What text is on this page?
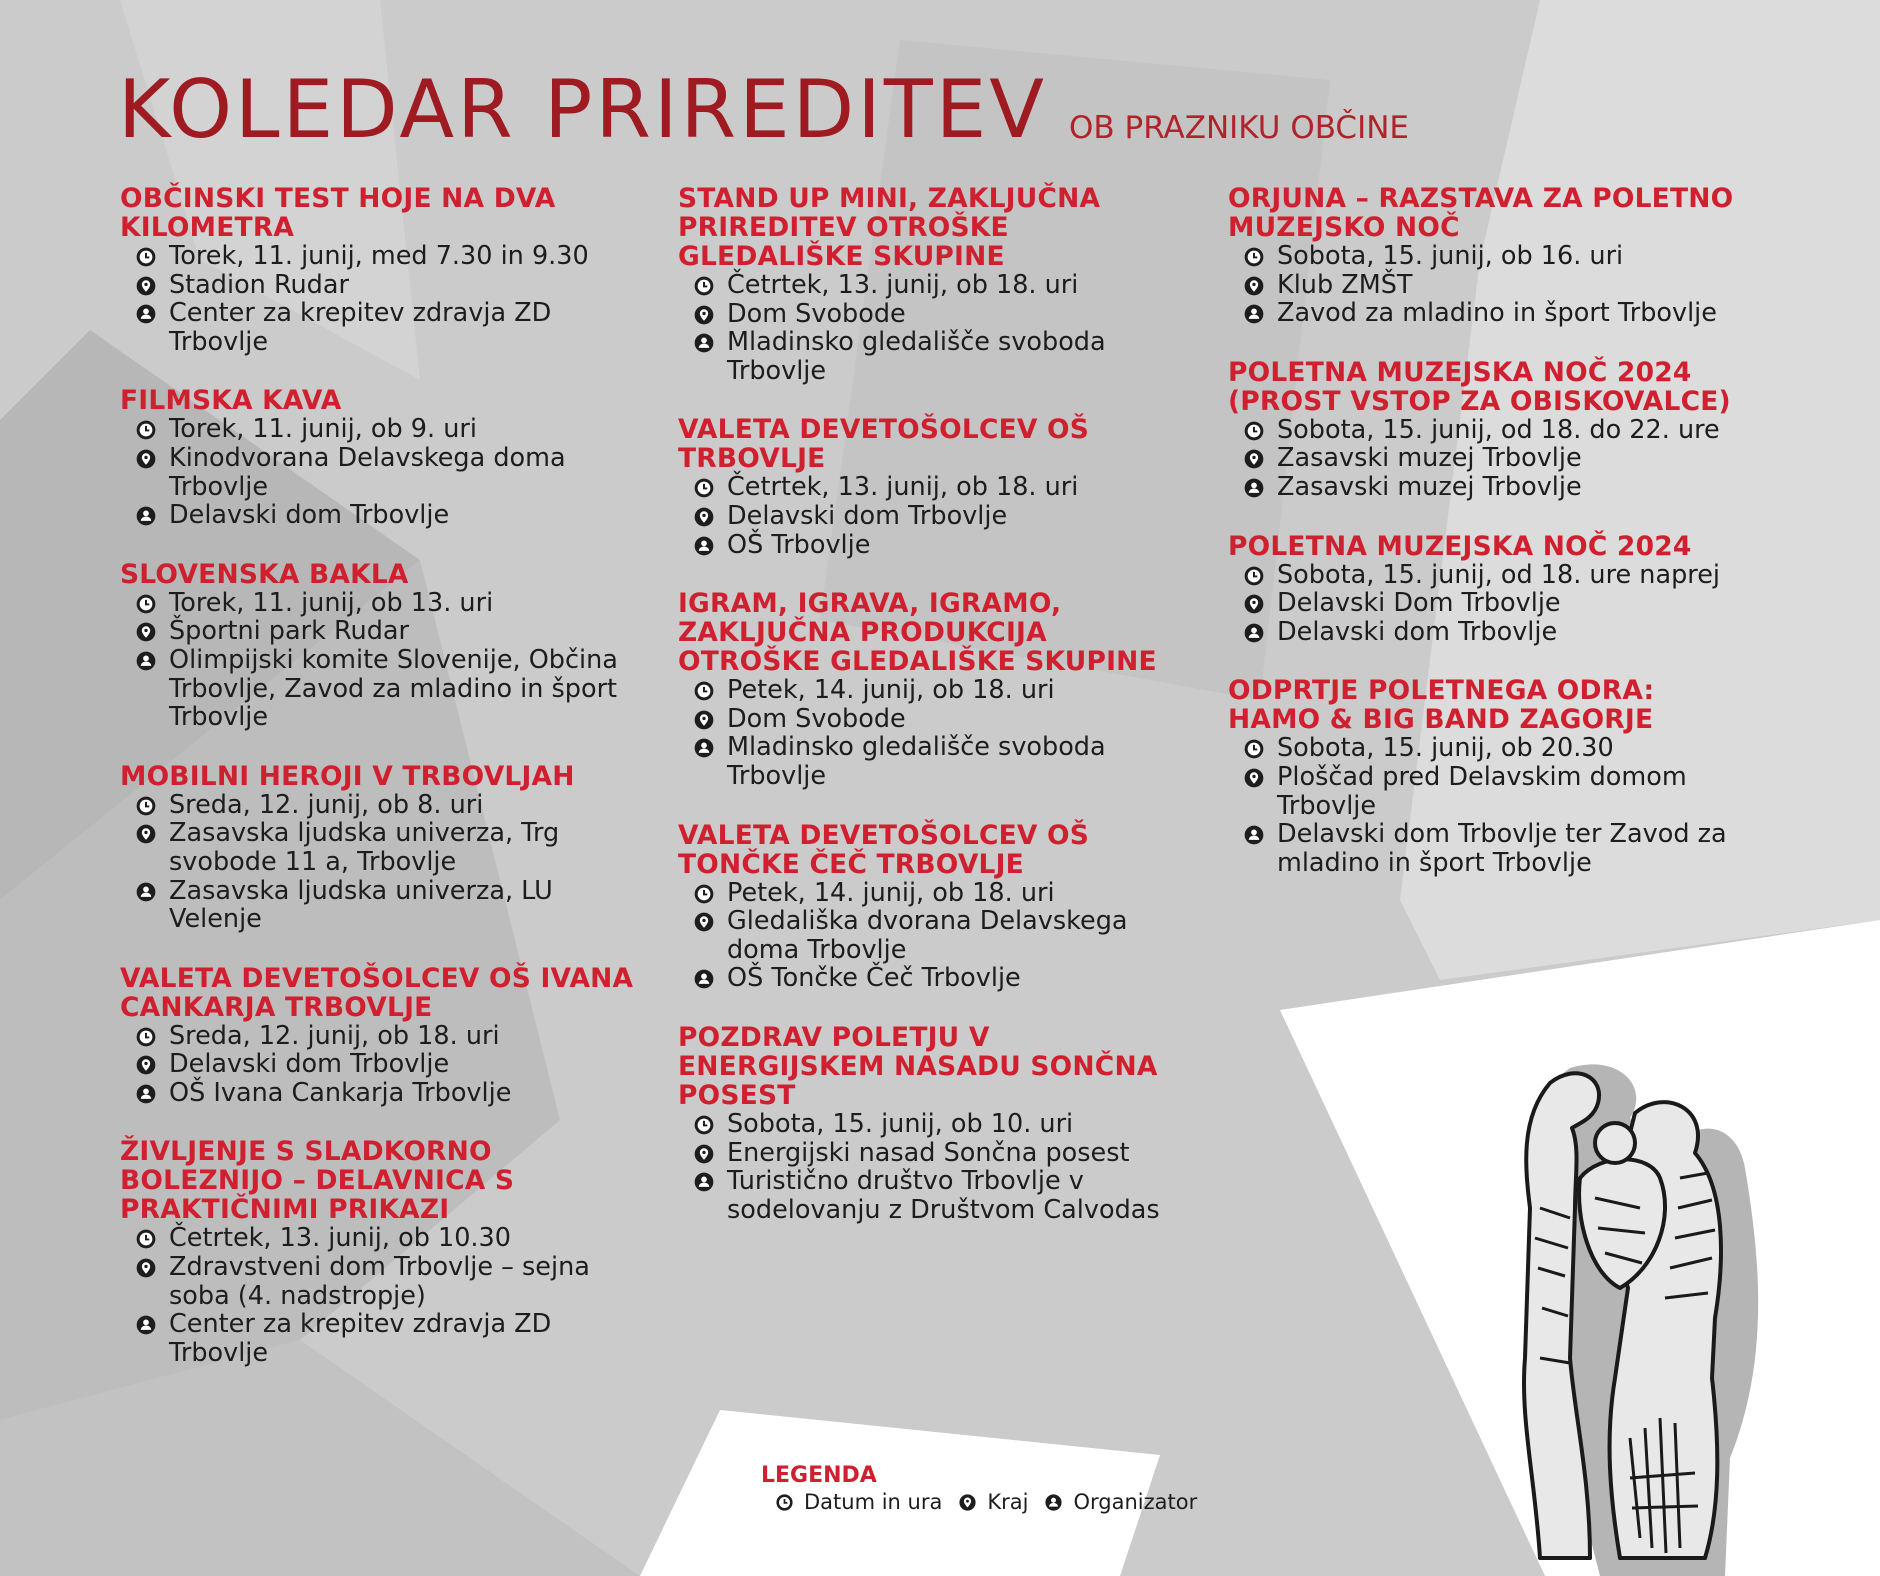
KOLEDAR PRIREDITEV OB PRAZNIKU OBČINE
OBČINSKI TEST HOJE NA DVA KILOMETRA
Torek, 11. junij, med 7.30 in 9.30
Stadion Rudar
Center za krepitev zdravja ZD Trbovlje
FILMSKA KAVA
Torek, 11. junij, ob 9. uri
Kinodvorana Delavskega doma Trbovlje
Delavski dom Trbovlje
SLOVENSKA BAKLA
Torek, 11. junij, ob 13. uri
Športni park Rudar
Olimpijski komite Slovenije, Občina Trbovlje, Zavod za mladino in šport Trbovlje
MOBILNI HEROJI V TRBOVLJAH
Sreda, 12. junij, ob 8. uri
Zasavska ljudska univerza, Trg svobode 11 a, Trbovlje
Zasavska ljudska univerza, LU Velenje
VALETA DEVETOŠOLCEV OŠ IVANA CANKARJA TRBOVLJE
Sreda, 12. junij, ob 18. uri
Delavski dom Trbovlje
OŠ Ivana Cankarja Trbovlje
ŽIVLJENJE S SLADKORNO BOLEZNIJO – DELAVNICA S PRAKTIČNIMI PRIKAZI
Četrtek, 13. junij, ob 10.30
Zdravstveni dom Trbovlje – sejna soba (4. nadstropje)
Center za krepitev zdravja ZD Trbovlje
STAND UP MINI, ZAKLJUČNA PRIREDITEV OTROŠKE GLEDALIŠKE SKUPINE
Četrtek, 13. junij, ob 18. uri
Dom Svobode
Mladinsko gledališče svoboda Trbovlje
VALETA DEVETOŠOLCEV OŠ TRBOVLJE
Četrtek, 13. junij, ob 18. uri
Delavski dom Trbovlje
OŠ Trbovlje
IGRAM, IGRAVA, IGRAMO, ZAKLJUČNA PRODUKCIJA OTROŠKE GLEDALIŠKE SKUPINE
Petek, 14. junij, ob 18. uri
Dom Svobode
Mladinsko gledališče svoboda Trbovlje
VALETA DEVETOŠOLCEV OŠ TONČKE ČEČ TRBOVLJE
Petek, 14. junij, ob 18. uri
Gledališka dvorana Delavskega doma Trbovlje
OŠ Tončke Čeč Trbovlje
POZDRAV POLETJU V ENERGIJSKEM NASADU SONČNA POSEST
Sobota, 15. junij, ob 10. uri
Energijski nasad Sončna posest
Turistično društvo Trbovlje v sodelovanju z Društvom Calvodas
ORJUNA – RAZSTAVA ZA POLETNO MUZEJSKO NOČ
Sobota, 15. junij, ob 16. uri
Klub ZMŠT
Zavod za mladino in šport Trbovlje
POLETNA MUZEJSKA NOČ 2024 (PROST VSTOP ZA OBISKOVALCE)
Sobota, 15. junij, od 18. do 22. ure
Zasavski muzej Trbovlje
Zasavski muzej Trbovlje
POLETNA MUZEJSKA NOČ 2024
Sobota, 15. junij, od 18. ure naprej
Delavski Dom Trbovlje
Delavski dom Trbovlje
ODPRTJE POLETNEGA ODRA: HAMO & BIG BAND ZAGORJE
Sobota, 15. junij, ob 20.30
Ploščad pred Delavskim domom Trbovlje
Delavski dom Trbovlje ter Zavod za mladino in šport Trbovlje
LEGENDA
Datum in ura Kraj Organizator
